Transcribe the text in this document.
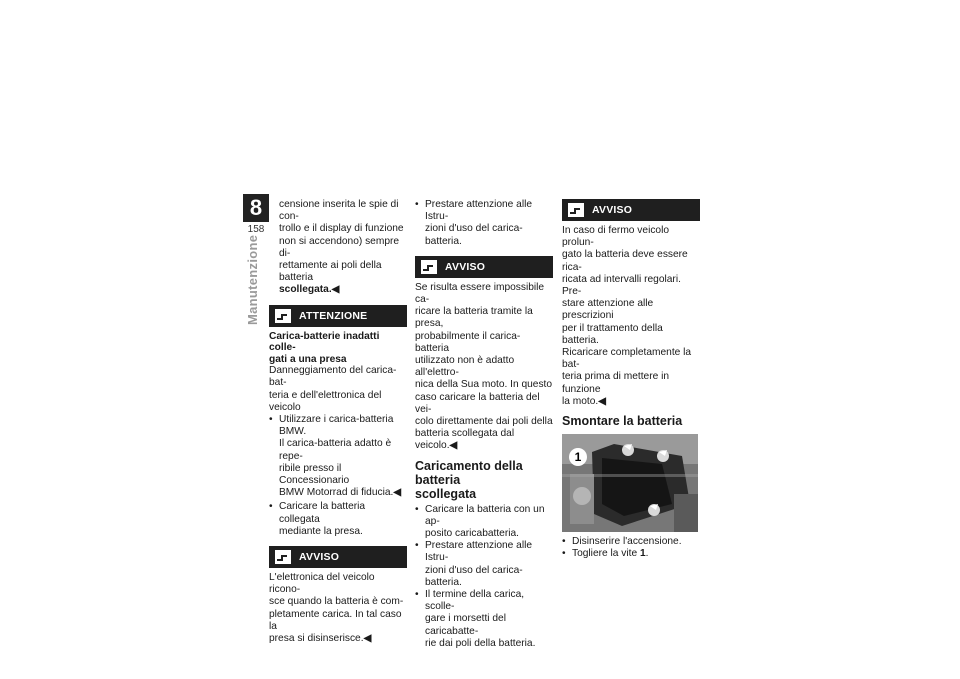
8
158
Manutenzione

censione inserita le spie di con-

trollo e il display di funzione

non si accendono) sempre di-

rettamente ai poli della batteria

scollegata.◀

ATTENZIONE

Carica-batterie inadatti colle-

gati a una presa

Danneggiamento del carica-bat-

teria e dell'elettronica del veicolo

• Utilizzare i carica-batteria BMW.

Il carica-batteria adatto è repe-

ribile presso il Concessionario

BMW Motorrad di fiducia.◀

• Caricare la batteria collegata

mediante la presa.

AVVISO

L'elettronica del veicolo ricono-

sce quando la batteria è com-

pletamente carica. In tal caso la

presa si disinserisce.◀

• Prestare attenzione alle Istru-

zioni d'uso del carica-batteria.

AVVISO

Se risulta essere impossibile ca-

ricare la batteria tramite la presa,

probabilmente il carica-batteria

utilizzato non è adatto all'elettro-

nica della Sua moto. In questo

caso caricare la batteria del vei-

colo direttamente dai poli della

batteria scollegata dal veicolo.◀

Caricamento della batteria
scollegata

• Caricare la batteria con un ap-

posito caricabatteria.

• Prestare attenzione alle Istru-

zioni d'uso del carica-batteria.

• Il termine della carica, scolle-

gare i morsetti del caricabatte-

rie dai poli della batteria.

AVVISO

In caso di fermo veicolo prolun-

gato la batteria deve essere rica-

ricata ad intervalli regolari. Pre-

stare attenzione alle prescrizioni

per il trattamento della batteria.

Ricaricare completamente la bat-

teria prima di mettere in funzione

la moto.◀

Smontare la batteria
1

• Disinserire l'accensione.

• Togliere la vite 1.
